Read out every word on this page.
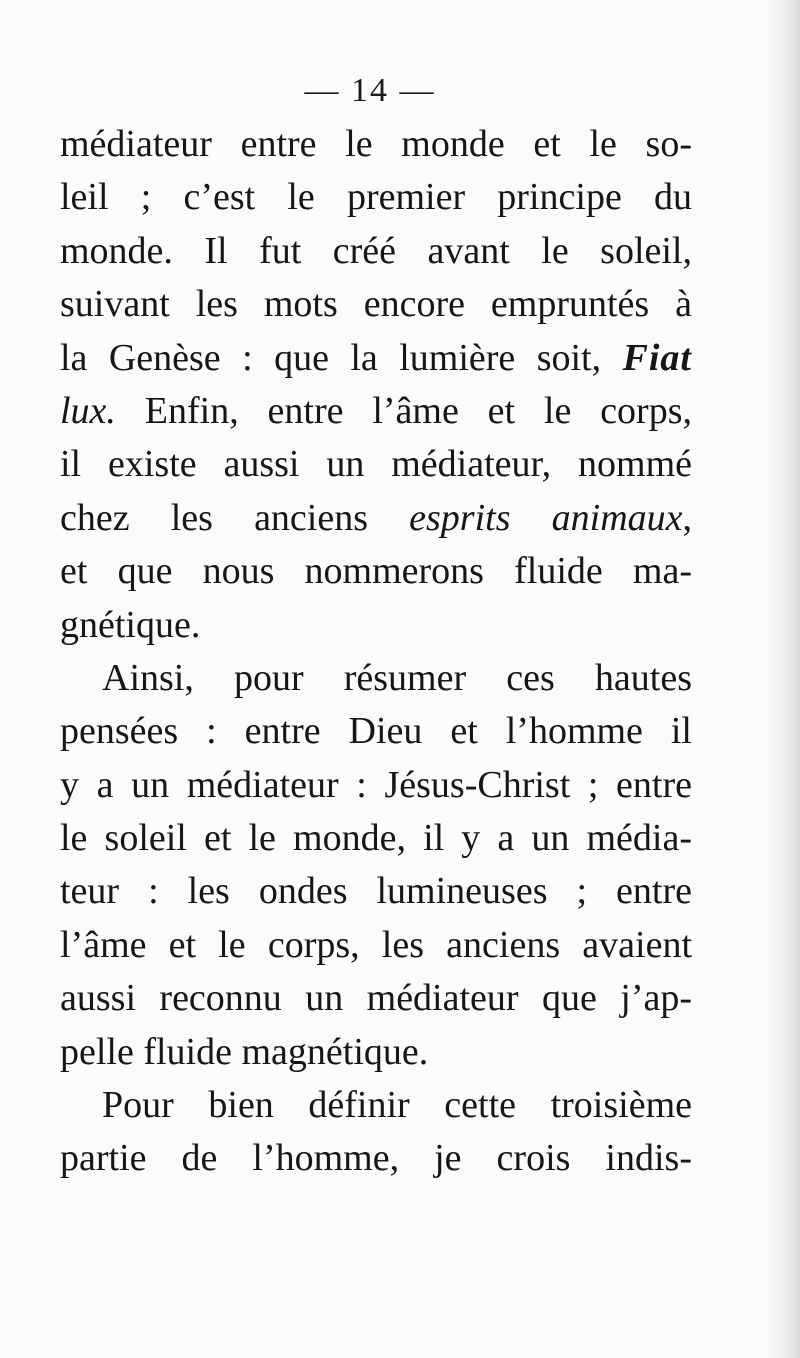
— 14 —
médiateur entre le monde et le so-
leil ; c’est le premier principe du
monde. Il fut créé avant le soleil,
suivant les mots encore empruntés à
la Genèse : que la lumière soit, Fiat
lux. Enfin, entre l’âme et le corps,
il existe aussi un médiateur, nommé
chez les anciens esprits animaux,
et que nous nommerons fluide ma-
gnétique.
Ainsi, pour résumer ces hautes
pensées : entre Dieu et l’homme il
y a un médiateur : Jésus-Christ ; entre
le soleil et le monde, il y a un média-
teur : les ondes lumineuses ; entre
l’âme et le corps, les anciens avaient
aussi reconnu un médiateur que j’ap-
pelle fluide magnétique.
Pour bien définir cette troisième
partie de l’homme, je crois indis-
